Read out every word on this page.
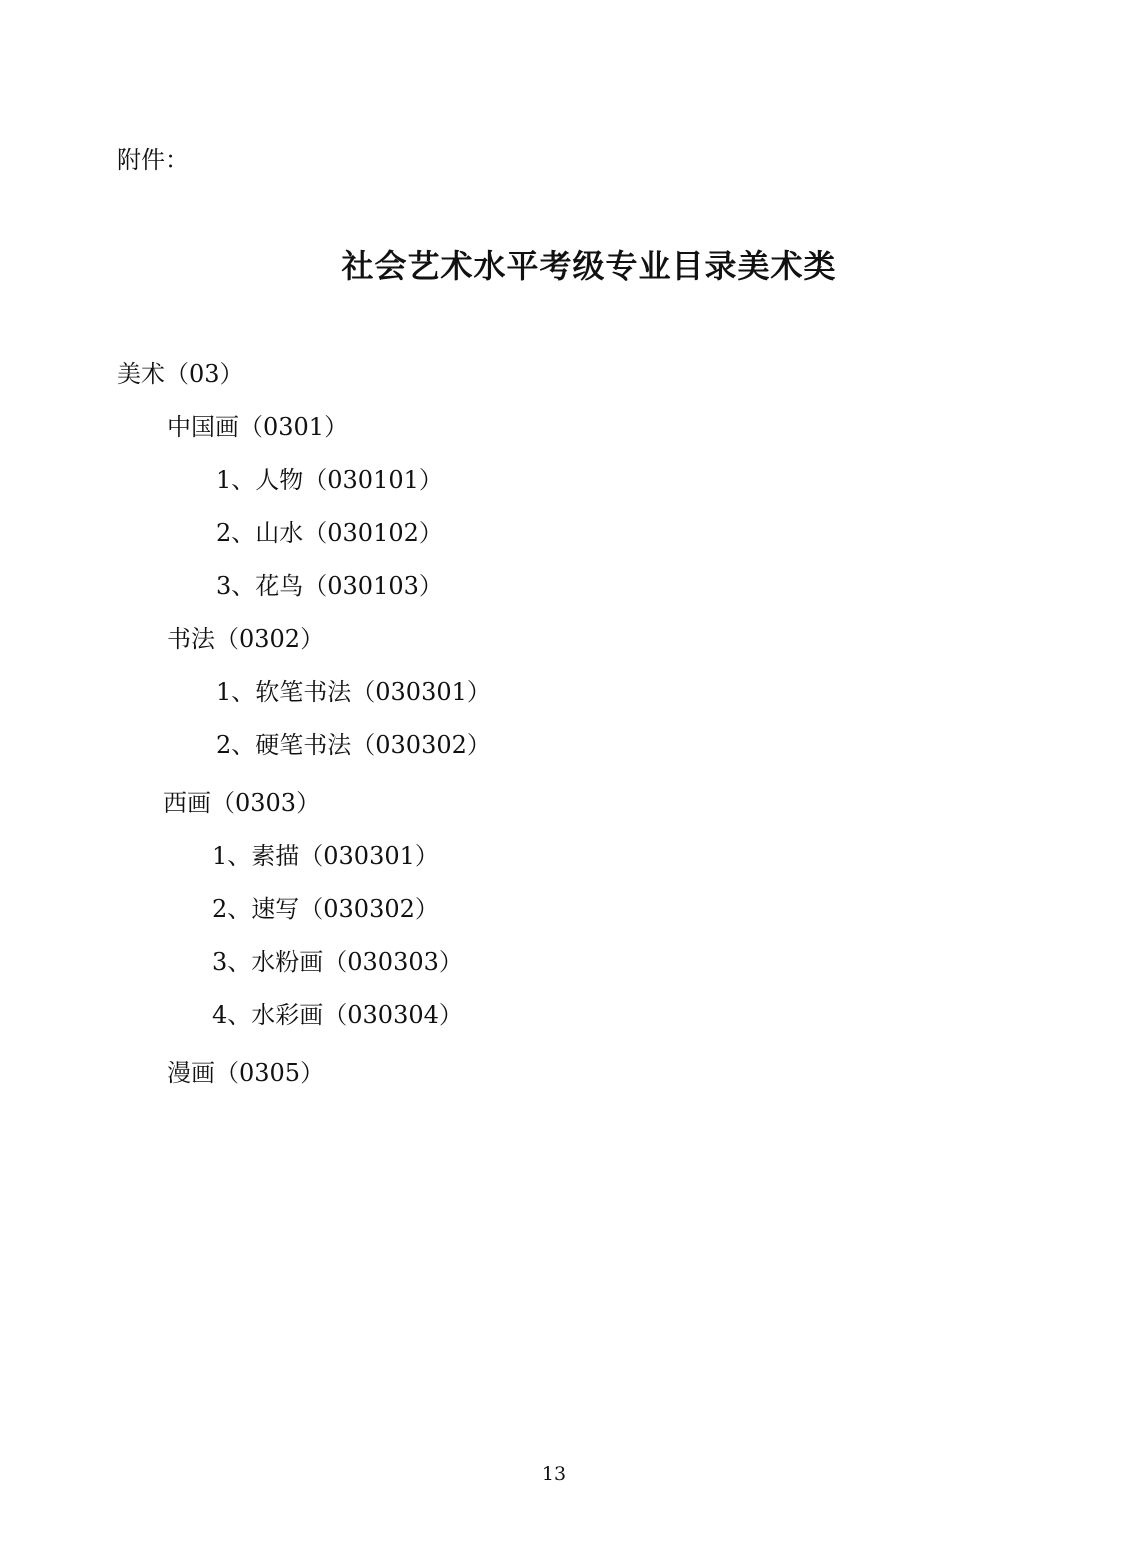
附件：
社会艺术水平考级专业目录美术类
美术（03）
中国画（0301）
1、人物（030101）
2、山水（030102）
3、花鸟（030103）
书法（0302）
1、软笔书法（030301）
2、硬笔书法（030302）
西画（0303）
1、素描（030301）
2、速写（030302）
3、水粉画（030303）
4、水彩画（030304）
漫画（0305）
13
